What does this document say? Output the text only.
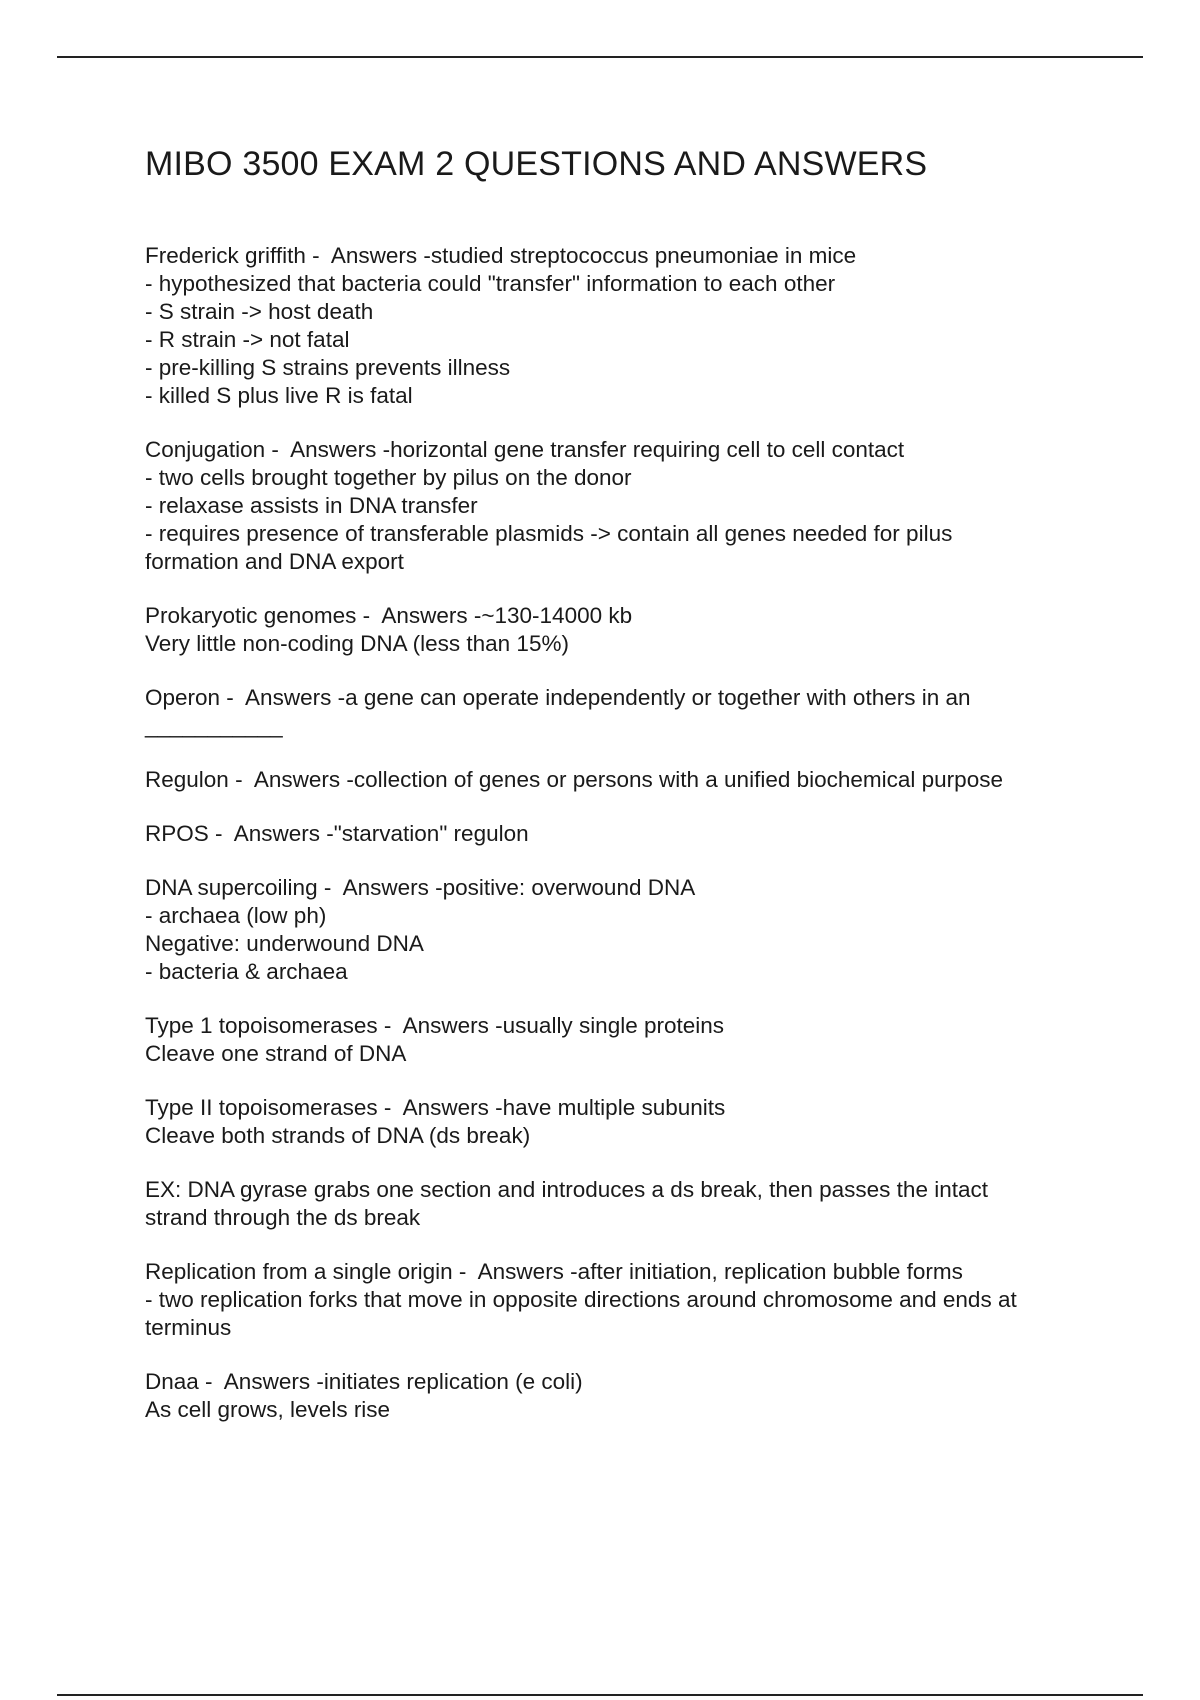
MIBO 3500 EXAM 2 QUESTIONS AND ANSWERS
Frederick griffith -  Answers -studied streptococcus pneumoniae in mice
- hypothesized that bacteria could "transfer" information to each other
- S strain -> host death
- R strain -> not fatal
- pre-killing S strains prevents illness
- killed S plus live R is fatal
Conjugation -  Answers -horizontal gene transfer requiring cell to cell contact
- two cells brought together by pilus on the donor
- relaxase assists in DNA transfer
- requires presence of transferable plasmids -> contain all genes needed for pilus
formation and DNA export
Prokaryotic genomes -  Answers -~130-14000 kb
Very little non-coding DNA (less than 15%)
Operon -  Answers -a gene can operate independently or together with others in an
___________
Regulon -  Answers -collection of genes or persons with a unified biochemical purpose
RPOS -  Answers -"starvation" regulon
DNA supercoiling -  Answers -positive: overwound DNA
- archaea (low ph)
Negative: underwound DNA
- bacteria & archaea
Type 1 topoisomerases -  Answers -usually single proteins
Cleave one strand of DNA
Type II topoisomerases -  Answers -have multiple subunits
Cleave both strands of DNA (ds break)
EX: DNA gyrase grabs one section and introduces a ds break, then passes the intact
strand through the ds break
Replication from a single origin -  Answers -after initiation, replication bubble forms
- two replication forks that move in opposite directions around chromosome and ends at
terminus
Dnaa -  Answers -initiates replication (e coli)
As cell grows, levels rise
